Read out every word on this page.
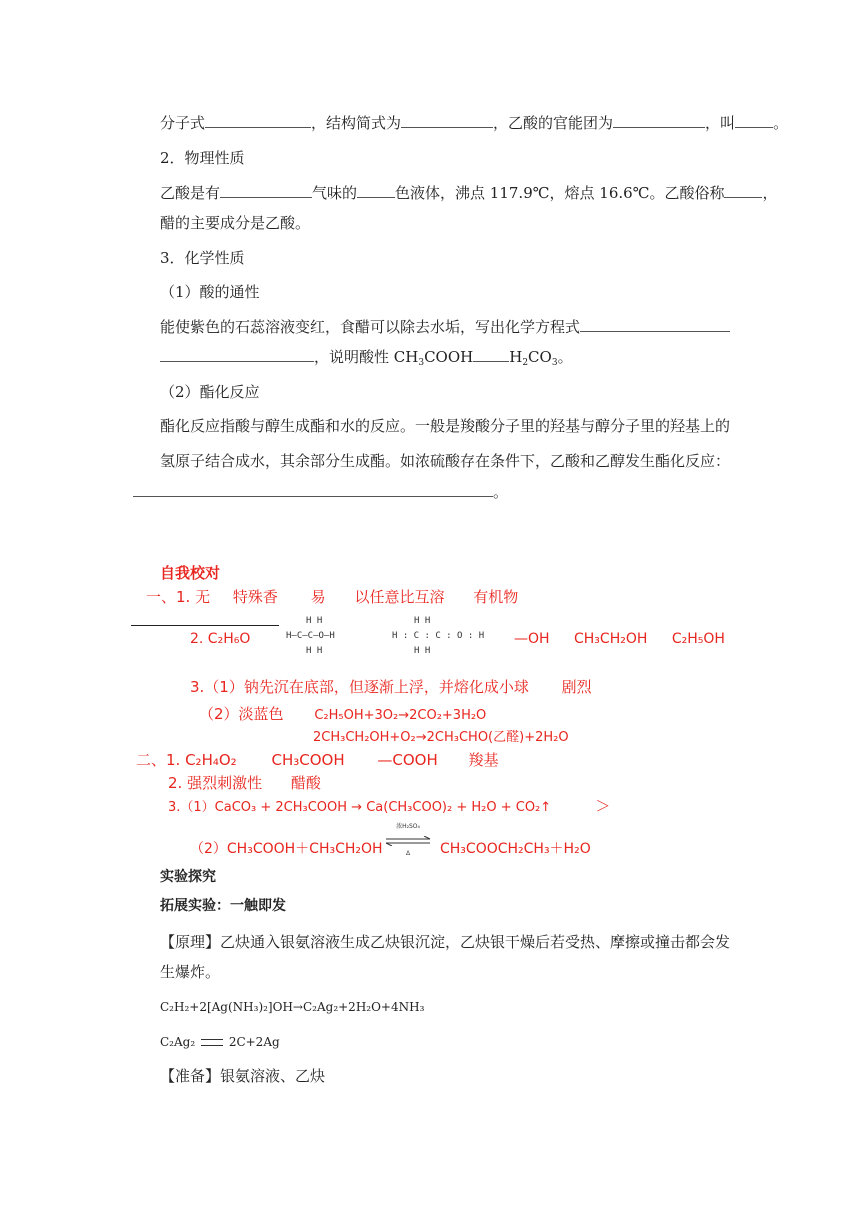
分子式	，结构简式为	，乙酸的官能团为	，叫	。
2．物理性质
乙酸是有	气味的	色液体，沸点 117.9℃，熔点 16.6℃。乙酸俗称	，
醋的主要成分是乙酸。
3．化学性质
（1）酸的通性
能使紫色的石蕊溶液变红，食醋可以除去水垢，写出化学方程式
，说明酸性 $CH_3COOH$ $H_2CO_3$。
（2）酯化反应
酯化反应指酸与醇生成酯和水的反应。一般是羧酸分子里的羟基与醇分子里的羟基上的
氢原子结合成水，其余部分生成酯。如浓硫酸存在条件下，乙酸和乙醇发生酯化反应：
。
自我校对
一、1. 无 特殊香 易 以任意比互溶 有机物
2. C₂H₆O
H H
H—C—C—O—H
H H
H H
H : C : C : O : H
H H
—OH CH₃CH₂OH C₂H₅OH
3.（1）钠先沉在底部，但逐渐上浮，并熔化成小球 剧烈
（2）淡蓝色 C₂H₅OH+3O₂→2CO₂+3H₂O
2CH₃CH₂OH+O₂→2CH₃CHO(乙醛)+2H₂O
二、1. C₂H₄O₂ CH₃COOH —COOH 羧基
2. 强烈刺激性 醋酸
3.（1）CaCO₃ + 2CH₃COOH → Ca(CH₃COO)₂ + H₂O + CO₂↑	＞
（2）CH₃COOH＋CH₃CH₂OH
浓H₂SO₄
Δ	CH₃COOCH₂CH₃＋H₂O
实验探究
拓展实验：一触即发
【原理】乙炔通入银氨溶液生成乙炔银沉淀，乙炔银干燥后若受热、摩擦或撞击都会发
生爆炸。
C₂H₂+2[Ag(NH₃)₂]OH→C₂Ag₂+2H₂O+4NH₃
C₂Ag₂	2C+2Ag
【准备】银氨溶液、乙炔
